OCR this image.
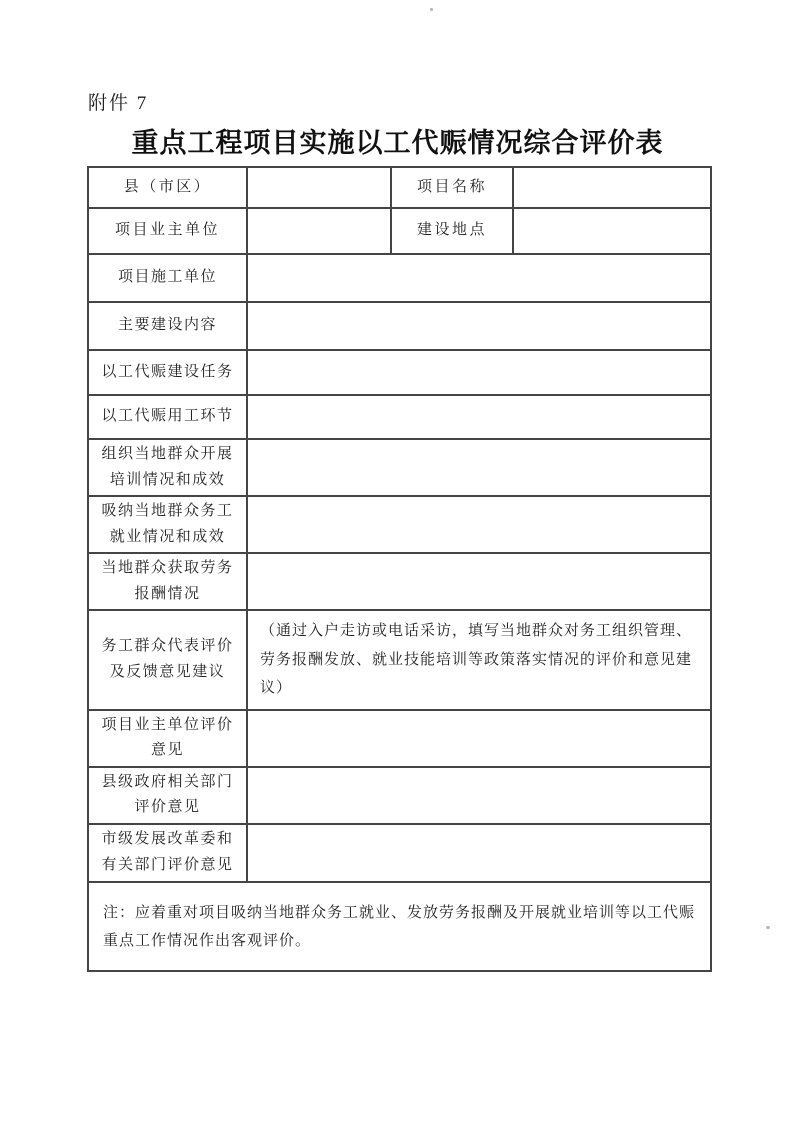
附件 7
重点工程项目实施以工代赈情况综合评价表
县（市区）		项目名称	
项目业主单位		建设地点	
项目施工单位			
主要建设内容			
以工代赈建设任务			
以工代赈用工环节			
组织当地群众开展培训情况和成效			
吸纳当地群众务工就业情况和成效			
当地群众获取劳务报酬情况			
务工群众代表评价及反馈意见建议	（通过入户走访或电话采访，填写当地群众对务工组织管理、劳务报酬发放、就业技能培训等政策落实情况的评价和意见建议）		
项目业主单位评价意见			
县级政府相关部门评价意见			
市级发展改革委和有关部门评价意见			
注：应着重对项目吸纳当地群众务工就业、发放劳务报酬及开展就业培训等以工代赈重点工作情况作出客观评价。			
